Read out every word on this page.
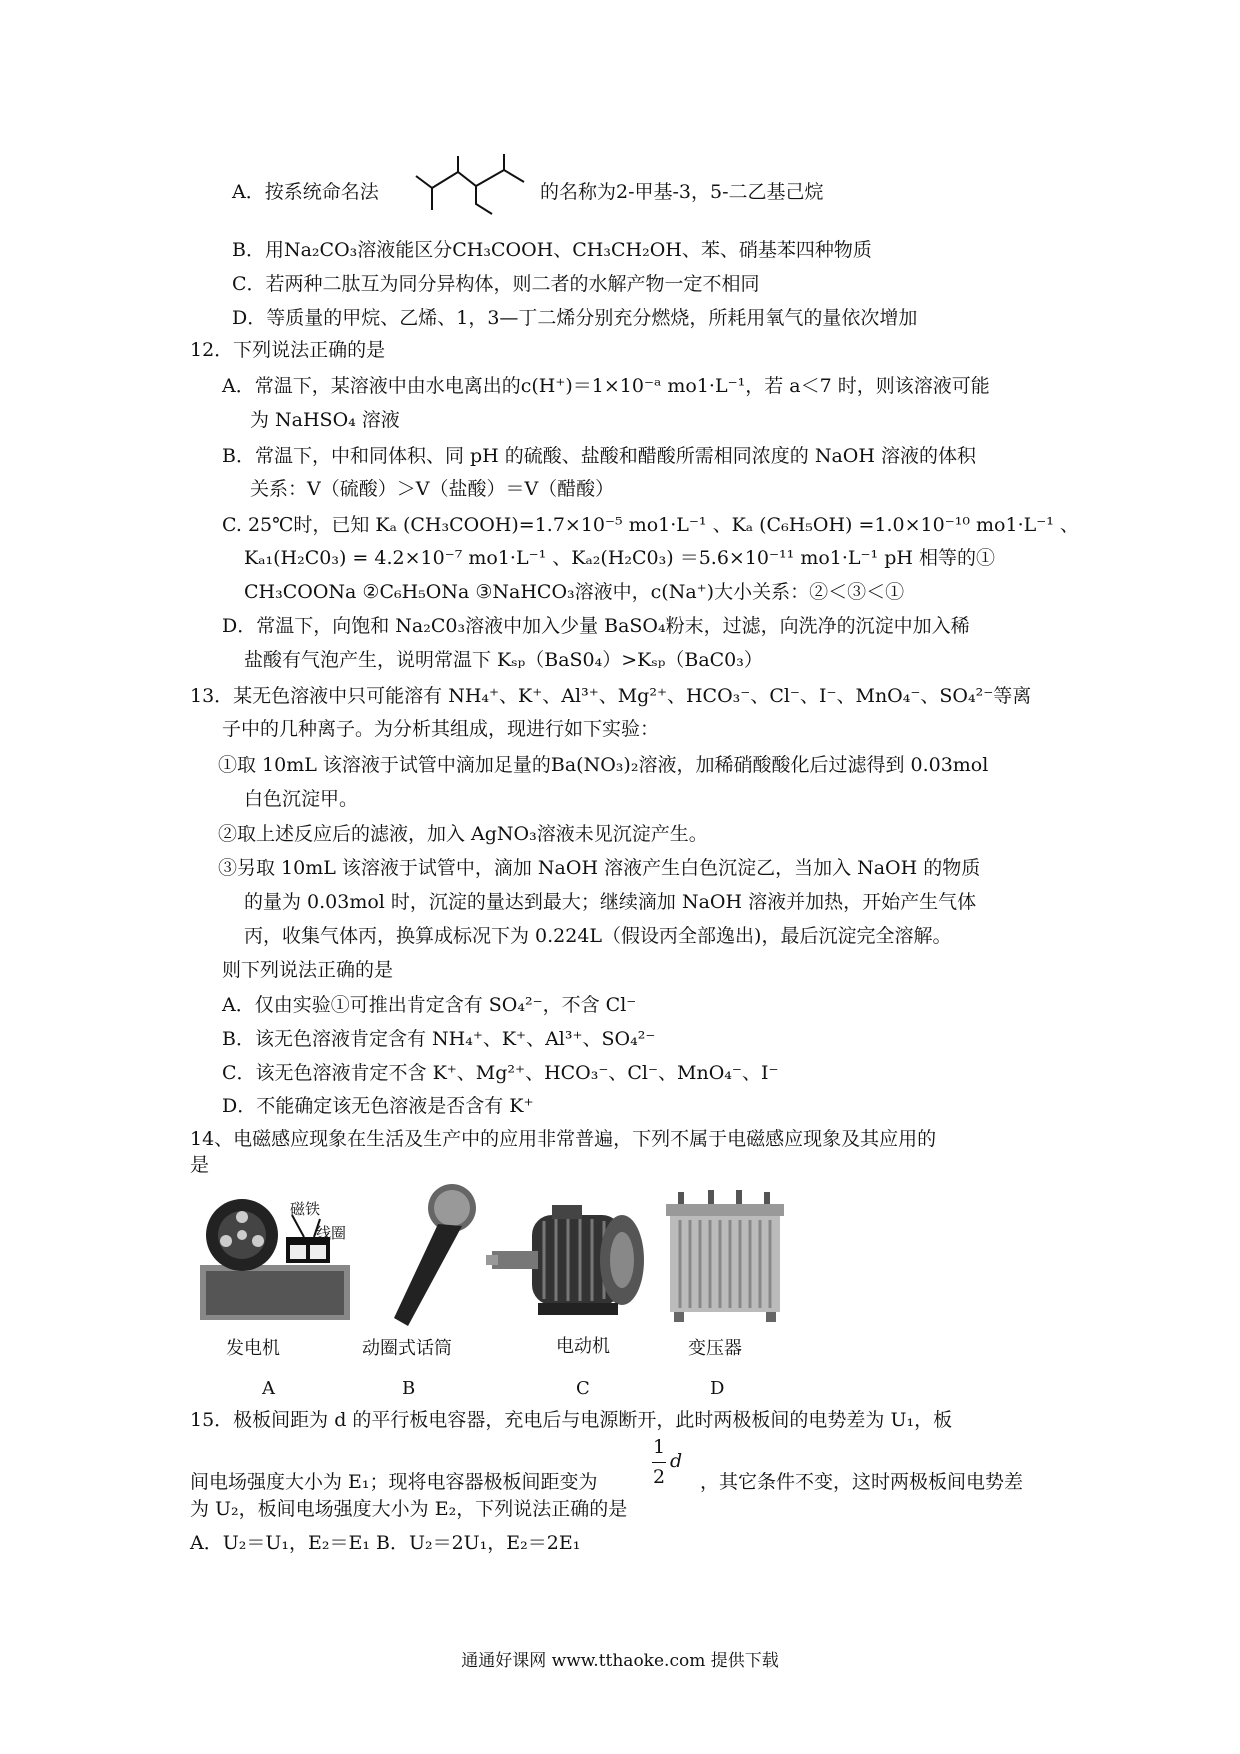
A．按系统命名法	的名称为2-甲基-3，5-二乙基己烷
B．用Na₂CO₃溶液能区分CH₃COOH、CH₃CH₂OH、苯、硝基苯四种物质
C．若两种二肽互为同分异构体，则二者的水解产物一定不相同
D．等质量的甲烷、乙烯、1，3—丁二烯分别充分燃烧，所耗用氧气的量依次增加
12．下列说法正确的是
A．常温下，某溶液中由水电离出的c(H⁺)＝1×10⁻ᵃ mo1·L⁻¹，若 a＜7 时，则该溶液可能
为 NaHSO₄ 溶液
B．常温下，中和同体积、同 pH 的硫酸、盐酸和醋酸所需相同浓度的 NaOH 溶液的体积
关系：V（硫酸）＞V（盐酸）＝V（醋酸）
C. 25℃时，已知 Kₐ (CH₃COOH)=1.7×10⁻⁵ mo1·L⁻¹ 、Kₐ (C₆H₅OH) =1.0×10⁻¹⁰ mo1·L⁻¹ 、
Kₐ₁(H₂C0₃) = 4.2×10⁻⁷ mo1·L⁻¹ 、Kₐ₂(H₂C0₃) ＝5.6×10⁻¹¹ mo1·L⁻¹ pH 相等的①
CH₃COONa ②C₆H₅ONa ③NaHCO₃溶液中，c(Na⁺)大小关系：②＜③＜①
D．常温下，向饱和 Na₂C0₃溶液中加入少量 BaSO₄粉末，过滤，向洗净的沉淀中加入稀
盐酸有气泡产生，说明常温下 Kₛₚ（BaS0₄）>Kₛₚ（BaC0₃）
13．某无色溶液中只可能溶有 NH₄⁺、K⁺、Al³⁺、Mg²⁺、HCO₃⁻、Cl⁻、I⁻、MnO₄⁻、SO₄²⁻等离
子中的几种离子。为分析其组成，现进行如下实验：
①取 10mL 该溶液于试管中滴加足量的Ba(NO₃)₂溶液，加稀硝酸酸化后过滤得到 0.03mol
白色沉淀甲。
②取上述反应后的滤液，加入 AgNO₃溶液未见沉淀产生。
③另取 10mL 该溶液于试管中，滴加 NaOH 溶液产生白色沉淀乙，当加入 NaOH 的物质
的量为 0.03mol 时，沉淀的量达到最大；继续滴加 NaOH 溶液并加热，开始产生气体
丙，收集气体丙，换算成标况下为 0.224L（假设丙全部逸出)，最后沉淀完全溶解。
则下列说法正确的是
A．仅由实验①可推出肯定含有 SO₄²⁻，不含 Cl⁻
B．该无色溶液肯定含有 NH₄⁺、K⁺、Al³⁺、SO₄²⁻
C．该无色溶液肯定不含 K⁺、Mg²⁺、HCO₃⁻、Cl⁻、MnO₄⁻、I⁻
D．不能确定该无色溶液是否含有 K⁺
14、电磁感应现象在生活及生产中的应用非常普遍，下列不属于电磁感应现象及其应用的
是
磁铁
线圈
发电机	动圈式话筒	电动机	变压器
A	B	C	D
15．极板间距为 d 的平行板电容器，充电后与电源断开，此时两极板间的电势差为 U₁，板
间电场强度大小为 E₁；现将电容器极板间距变为
1
2
d
，其它条件不变，这时两极板间电势差
为 U₂，板间电场强度大小为 E₂，下列说法正确的是
A．U₂＝U₁，E₂＝E₁ B．U₂＝2U₁，E₂＝2E₁
通通好课网 www.tthaoke.com 提供下载
